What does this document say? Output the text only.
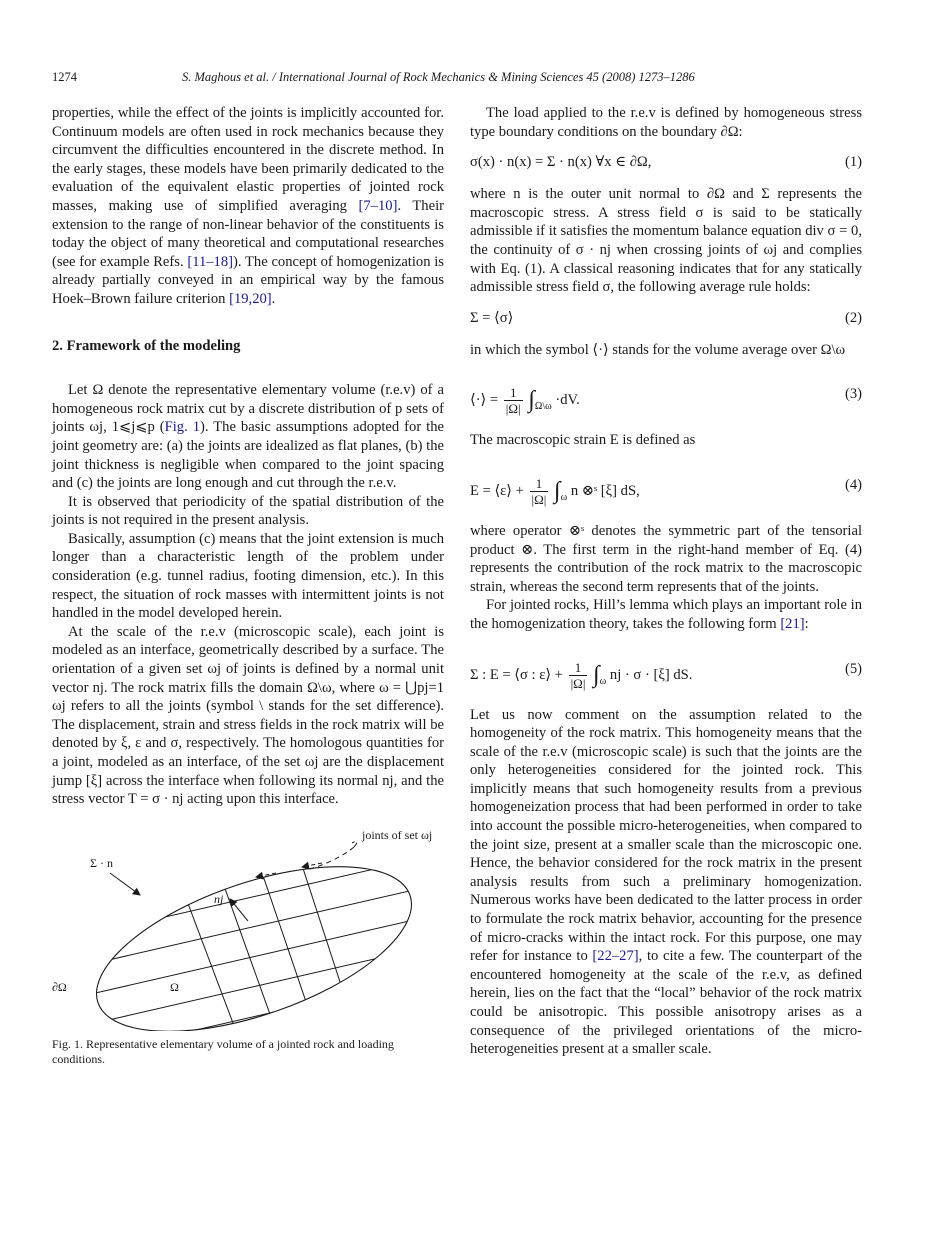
1274	S. Maghous et al. / International Journal of Rock Mechanics & Mining Sciences 45 (2008) 1273–1286

properties, while the effect of the joints is implicitly accounted for. Continuum models are often used in rock mechanics because they circumvent the difficulties encountered in the discrete method. In the early stages, these models have been primarily dedicated to the evaluation of the equivalent elastic properties of jointed rock masses, making use of simplified averaging [7–10]. Their extension to the range of non-linear behavior of the constituents is today the object of many theoretical and computational researches (see for example Refs. [11–18]). The concept of homogenization is already partially conveyed in an empirical way by the famous Hoek–Brown failure criterion [19,20].

2. Framework of the modeling

Let Ω denote the representative elementary volume (r.e.v) of a homogeneous rock matrix cut by a discrete distribution of p sets of joints ωj, 1⩽j⩽p (Fig. 1). The basic assumptions adopted for the joint geometry are: (a) the joints are idealized as flat planes, (b) the joint thickness is negligible when compared to the joint spacing and (c) the joints are long enough and cut through the r.e.v.

It is observed that periodicity of the spatial distribution of the joints is not required in the present analysis.

Basically, assumption (c) means that the joint extension is much longer than a characteristic length of the problem under consideration (e.g. tunnel radius, footing dimension, etc.). In this respect, the situation of rock masses with intermittent joints is not handled in the model developed herein.

At the scale of the r.e.v (microscopic scale), each joint is modeled as an interface, geometrically described by a surface. The orientation of a given set ωj of joints is defined by a normal unit vector nj. The rock matrix fills the domain Ω\ω, where ω = ⋃pj=1 ωj refers to all the joints (symbol \ stands for the set difference). The displacement, strain and stress fields in the rock matrix will be denoted by ξ, ε and σ, respectively. The homologous quantities for a joint, modeled as an interface, of the set ωj are the displacement jump [ξ] across the interface when following its normal nj, and the stress vector T = σ · nj acting upon this interface.

joints of set ωj
Σ · n
nj
∂Ω	Ω
Fig. 1. Representative elementary volume of a jointed rock and loading conditions.

The load applied to the r.e.v is defined by homogeneous stress type boundary conditions on the boundary ∂Ω:

σ(x) · n(x) = Σ · n(x) ∀x ∈ ∂Ω,	(1)

where n is the outer unit normal to ∂Ω and Σ represents the macroscopic stress. A stress field σ is said to be statically admissible if it satisfies the momentum balance equation div σ = 0, the continuity of σ · nj when crossing joints of ωj and complies with Eq. (1). A classical reasoning indicates that for any statically admissible stress field σ, the following average rule holds:

Σ = ⟨σ⟩	(2)

in which the symbol ⟨·⟩ stands for the volume average over Ω\ω

⟨·⟩ = $\frac{1}{|\Omega|} \int_{\Omega\backslash\omega} \cdot dV$.	(3)

The macroscopic strain E is defined as

E = ⟨ε⟩ + $\frac{1}{|\Omega|} \int_\omega$ n ⊗ˢ [ξ] dS,	(4)

where operator ⊗ˢ denotes the symmetric part of the tensorial product ⊗. The first term in the right-hand member of Eq. (4) represents the contribution of the rock matrix to the macroscopic strain, whereas the second term represents that of the joints.

For jointed rocks, Hill’s lemma which plays an important role in the homogenization theory, takes the following form [21]:

Σ : E = ⟨σ : ε⟩ + $\frac{1}{|\Omega|} \int_\omega$ nj · σ · [ξ] dS.	(5)

Let us now comment on the assumption related to the homogeneity of the rock matrix. This homogeneity means that the scale of the r.e.v (microscopic scale) is such that the joints are the only heterogeneities considered for the jointed rock. This implicitly means that such homogeneity results from a previous homogeneization process that had been performed in order to take into account the possible micro-heterogeneities, when compared to the joint size, present at a smaller scale than the microscopic one. Hence, the behavior considered for the rock matrix in the present analysis results from such a preliminary homogenization. Numerous works have been dedicated to the latter process in order to formulate the rock matrix behavior, accounting for the presence of micro-cracks within the intact rock. For this purpose, one may refer for instance to [22–27], to cite a few. The counterpart of the encountered homogeneity at the scale of the r.e.v, as defined herein, lies on the fact that the “local” behavior of the rock matrix could be anisotropic. This possible anisotropy arises as a consequence of the privileged orientations of the micro-heterogeneities present at a smaller scale.
